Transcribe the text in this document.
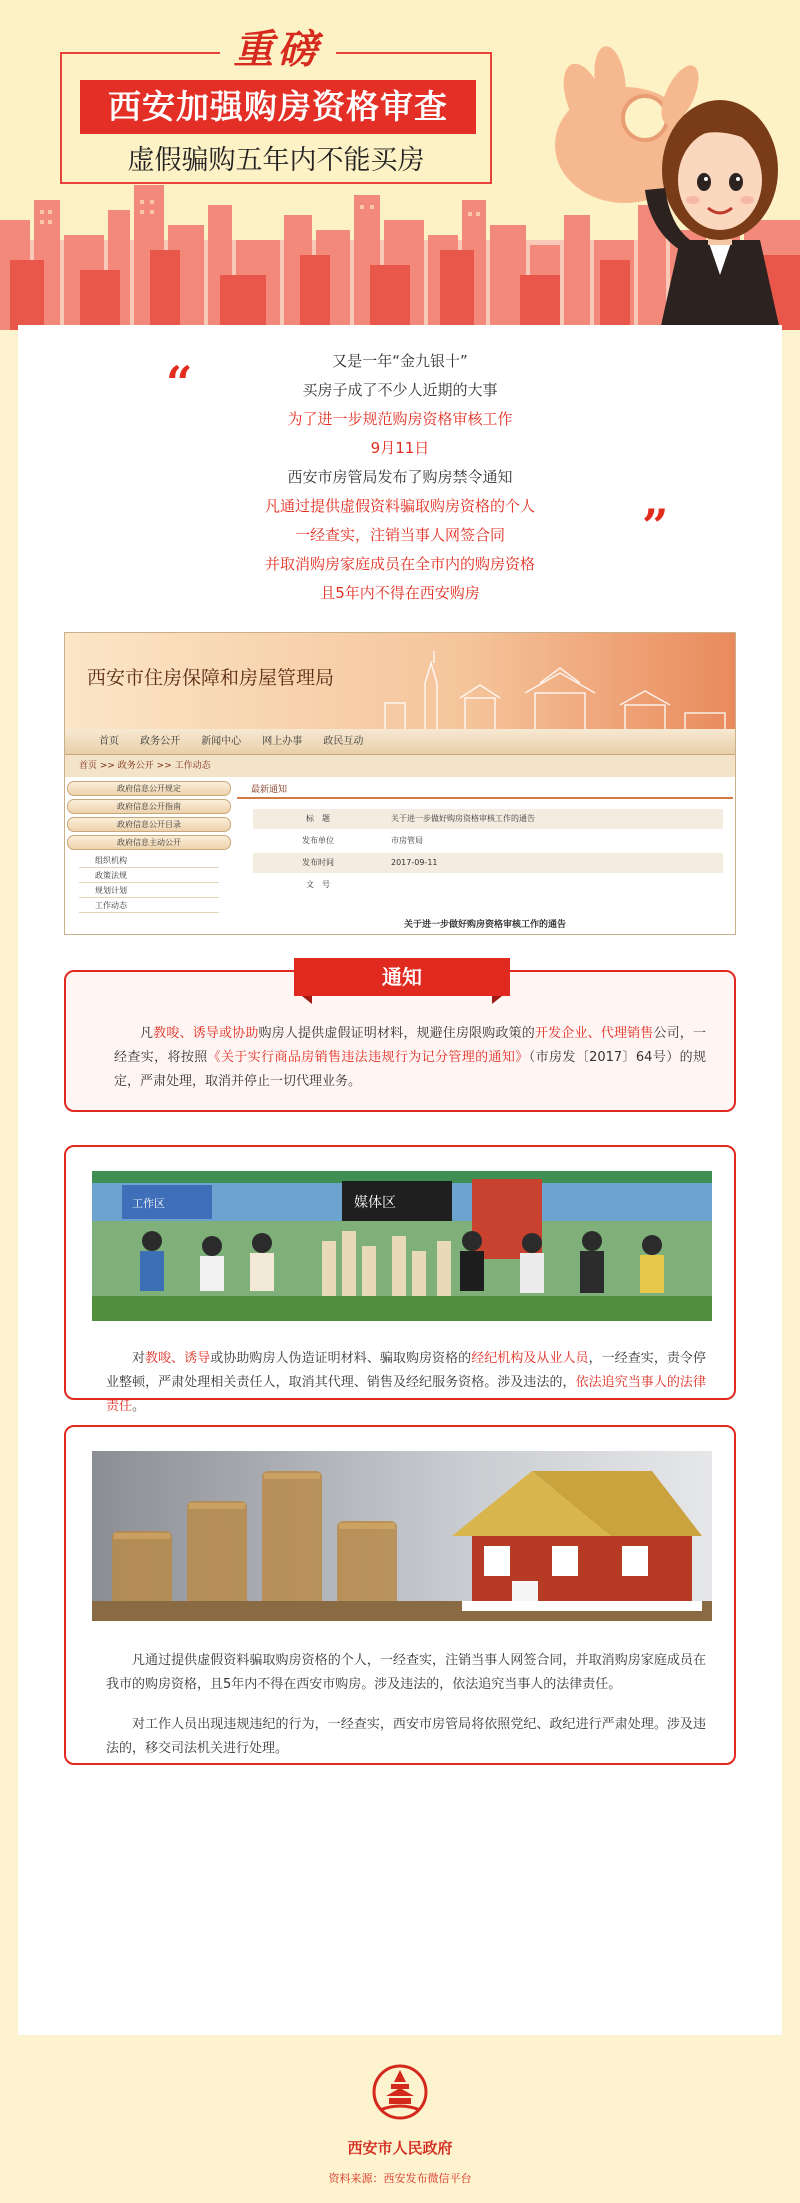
重磅
西安加强购房资格审查
虚假骗购五年内不能买房
“
”

又是一年“金九银十”

买房子成了不少人近期的大事

为了进一步规范购房资格审核工作

9月11日

西安市房管局发布了购房禁令通知

凡通过提供虚假资料骗取购房资格的个人

一经查实，注销当事人网签合同

并取消购房家庭成员在全市内的购房资格

且5年内不得在西安购房

西安市住房保障和房屋管理局
首页 政务公开 新闻中心 网上办事 政民互动
首页 >> 政务公开 >> 工作动态
政府信息公开规定
政府信息公开指南
政府信息公开目录
政府信息主动公开
组织机构
政策法规
规划计划
工作动态
最新通知
标　题	关于进一步做好购房资格审核工作的通告
发布单位	市房管局
发布时间	2017-09-11
文　号
关于进一步做好购房资格审核工作的通告
通知

凡教唆、诱导或协助购房人提供虚假证明材料，规避住房限购政策的开发企业、代理销售公司，一经查实，将按照《关于实行商品房销售违法违规行为记分管理的通知》（市房发〔2017〕64号）的规定，严肃处理，取消并停止一切代理业务。

工作区	媒体区

对教唆、诱导或协助购房人伪造证明材料、骗取购房资格的经纪机构及从业人员，一经查实，责令停业整顿，严肃处理相关责任人，取消其代理、销售及经纪服务资格。涉及违法的，依法追究当事人的法律责任。

凡通过提供虚假资料骗取购房资格的个人，一经查实，注销当事人网签合同，并取消购房家庭成员在我市的购房资格，且5年内不得在西安市购房。涉及违法的，依法追究当事人的法律责任。

对工作人员出现违规违纪的行为，一经查实，西安市房管局将依照党纪、政纪进行严肃处理。涉及违法的，移交司法机关进行处理。

西安市人民政府
资料来源：西安发布微信平台
